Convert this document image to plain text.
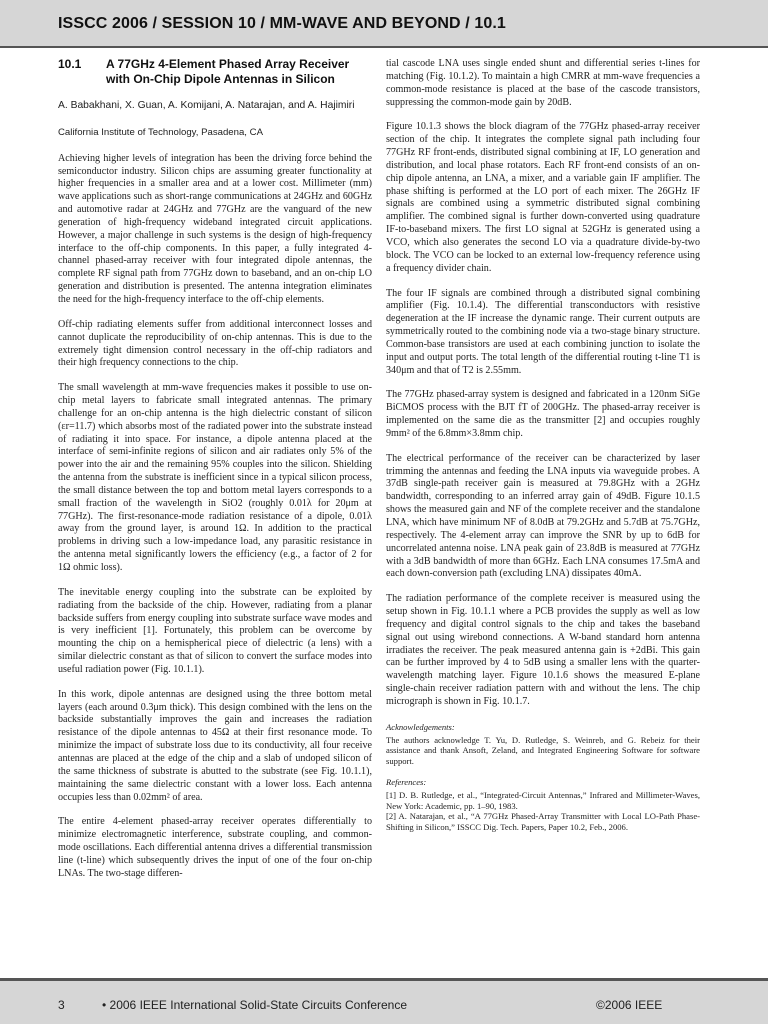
ISSCC 2006 / SESSION 10 / MM-WAVE AND BEYOND / 10.1
10.1 A 77GHz 4-Element Phased Array Receiver with On-Chip Dipole Antennas in Silicon
A. Babakhani, X. Guan, A. Komijani, A. Natarajan, and A. Hajimiri
California Institute of Technology, Pasadena, CA

Achieving higher levels of integration has been the driving force behind the semiconductor industry. Silicon chips are assuming greater functionality at higher frequencies in a smaller area and at a lower cost. Millimeter (mm) wave applications such as short-range communications at 24GHz and 60GHz and automotive radar at 24GHz and 77GHz are the vanguard of the new generation of high-frequency wideband integrated circuit applications. However, a major challenge in such systems is the design of high-frequency interface to the off-chip components. In this paper, a fully integrated 4-channel phased-array receiver with four integrated dipole antennas, the complete RF signal path from 77GHz down to baseband, and an on-chip LO generation and distribution is presented. The antenna integration eliminates the need for the high-frequency interface to the off-chip elements.

Off-chip radiating elements suffer from additional interconnect losses and cannot duplicate the reproducibility of on-chip antennas. This is due to the extremely tight dimension control necessary in the off-chip radiators and their high frequency connections to the chip.

The small wavelength at mm-wave frequencies makes it possible to use on-chip metal layers to fabricate small integrated antennas. The primary challenge for an on-chip antenna is the high dielectric constant of silicon (εr=11.7) which absorbs most of the radiated power into the substrate instead of radiating it into space. For instance, a dipole antenna placed at the interface of semi-infinite regions of silicon and air radiates only 5% of the power into the air and the remaining 95% couples into the silicon. Shielding the antenna from the substrate is inefficient since in a typical silicon process, the small distance between the top and bottom metal layers corresponds to a small fraction of the wavelength in SiO2 (roughly 0.01λ for 20μm at 77GHz). The first-resonance-mode radiation resistance of a dipole, 0.01λ away from the ground layer, is around 1Ω. In addition to the practical problems in driving such a low-impedance load, any parasitic resistance in the antenna metal significantly lowers the efficiency (e.g., a factor of 2 for 1Ω ohmic loss).

The inevitable energy coupling into the substrate can be exploited by radiating from the backside of the chip. However, radiating from a planar backside suffers from energy coupling into substrate surface wave modes and is very inefficient [1]. Fortunately, this problem can be overcome by mounting the chip on a hemispherical piece of dielectric (a lens) with a similar dielectric constant as that of silicon to convert the surface modes into useful radiation power (Fig. 10.1.1).

In this work, dipole antennas are designed using the three bottom metal layers (each around 0.3μm thick). This design combined with the lens on the backside substantially improves the gain and increases the radiation resistance of the dipole antennas to 45Ω at their first resonance mode. To minimize the impact of substrate loss due to its conductivity, all four receive antennas are placed at the edge of the chip and a slab of undoped silicon of the same thickness of substrate is abutted to the substrate (see Fig. 10.1.1), maintaining the same dielectric constant with a lower loss. Each antenna occupies less than 0.02mm² of area.

The entire 4-element phased-array receiver operates differentially to minimize electromagnetic interference, substrate coupling, and common-mode oscillations. Each differential antenna drives a differential transmission line (t-line) which subsequently drives the input of one of the four on-chip LNAs. The two-stage differen-

tial cascode LNA uses single ended shunt and differential series t-lines for matching (Fig. 10.1.2). To maintain a high CMRR at mm-wave frequencies a common-mode resistance is placed at the base of the cascode transistors, suppressing the common-mode gain by 20dB.

Figure 10.1.3 shows the block diagram of the 77GHz phased-array receiver section of the chip. It integrates the complete signal path including four 77GHz RF front-ends, distributed signal combining at IF, LO generation and distribution, and local phase rotators. Each RF front-end consists of an on-chip dipole antenna, an LNA, a mixer, and a variable gain IF amplifier. The phase shifting is performed at the LO port of each mixer. The 26GHz IF signals are combined using a symmetric distributed signal combining amplifier. The combined signal is further down-converted using quadrature IF-to-baseband mixers. The first LO signal at 52GHz is generated using a VCO, which also generates the second LO via a quadrature divide-by-two block. The VCO can be locked to an external low-frequency reference using a frequency divider chain.

The four IF signals are combined through a distributed signal combining amplifier (Fig. 10.1.4). The differential transconductors with resistive degeneration at the IF increase the dynamic range. Their current outputs are symmetrically routed to the combining node via a two-stage binary structure. Common-base transistors are used at each combining junction to isolate the input and output ports. The total length of the differential routing t-line T1 is 340μm and that of T2 is 2.55mm.

The 77GHz phased-array system is designed and fabricated in a 120nm SiGe BiCMOS process with the BJT fT of 200GHz. The phased-array receiver is implemented on the same die as the transmitter [2] and occupies roughly 9mm² of the 6.8mm×3.8mm chip.

The electrical performance of the receiver can be characterized by laser trimming the antennas and feeding the LNA inputs via waveguide probes. A 37dB single-path receiver gain is measured at 79.8GHz with a 2GHz bandwidth, corresponding to an inferred array gain of 49dB. Figure 10.1.5 shows the measured gain and NF of the complete receiver and the standalone LNA, which have minimum NF of 8.0dB at 79.2GHz and 5.7dB at 75.7GHz, respectively. The 4-element array can improve the SNR by up to 6dB for uncorrelated antenna noise. LNA peak gain of 23.8dB is measured at 77GHz with a 3dB bandwidth of more than 6GHz. Each LNA consumes 17.5mA and each down-conversion path (excluding LNA) dissipates 40mA.

The radiation performance of the complete receiver is measured using the setup shown in Fig. 10.1.1 where a PCB provides the supply as well as low frequency and digital control signals to the chip and takes the baseband signal out using wirebond connections. A W-band standard horn antenna irradiates the receiver. The peak measured antenna gain is +2dBi. This gain can be further improved by 4 to 5dB using a smaller lens with the quarter-wavelength matching layer. Figure 10.1.6 shows the measured E-plane single-chain receiver radiation pattern with and without the lens. The chip micrograph is shown in Fig. 10.1.7.

Acknowledgements:
The authors acknowledge T. Yu, D. Rutledge, S. Weinreb, and G. Rebeiz for their assistance and thank Ansoft, Zeland, and Integrated Engineering Software for software support.
References:
[1] D. B. Rutledge, et al., “Integrated-Circuit Antennas,” Infrared and Millimeter-Waves, New York: Academic, pp. 1–90, 1983.
[2] A. Natarajan, et al., “A 77GHz Phased-Array Transmitter with Local LO-Path Phase-Shifting in Silicon,” ISSCC Dig. Tech. Papers, Paper 10.2, Feb., 2006.
3	• 2006 IEEE International Solid-State Circuits Conference	©2006 IEEE
